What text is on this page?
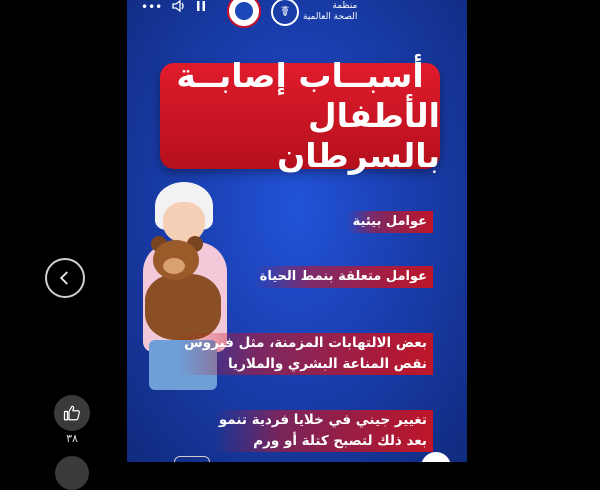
٣٨
•••	☤	منظمة
الصحة العالمية
أسبــاب إصابــة
الأطفال بالسرطان
عوامل بيئية
عوامل متعلقة بنمط الحياة
بعض الالتهابات المزمنة، مثل فيروس
نقص المناعة البشري والملاريا
تغيير جيني في خلايا فردية تنمو
بعد ذلك لتصبح كتلة أو ورم
